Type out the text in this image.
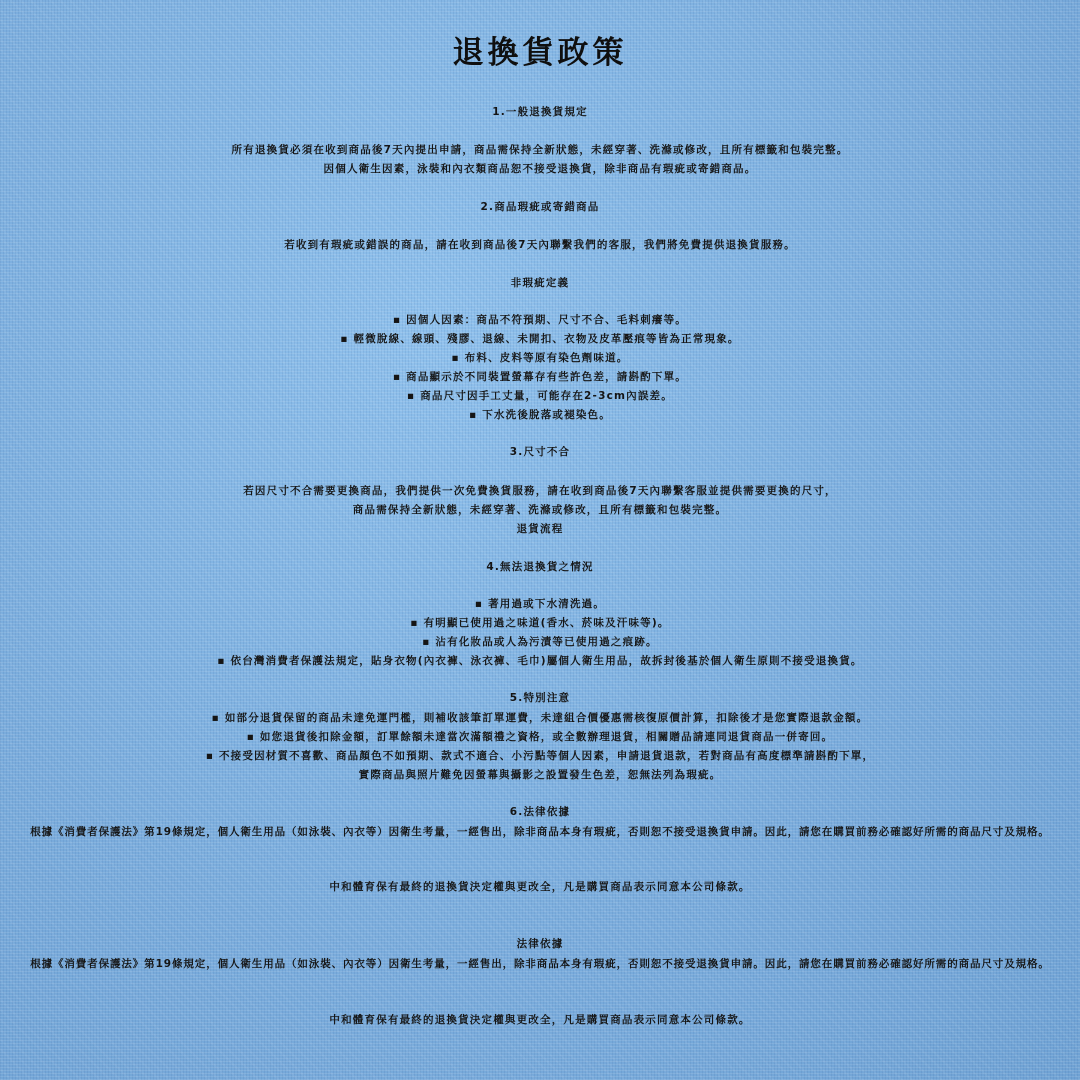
退換貨政策
1.一般退換貨規定
所有退換貨必須在收到商品後7天內提出申請，商品需保持全新狀態，未經穿著、洗滌或修改，且所有標籤和包裝完整。
因個人衛生因素，泳裝和內衣類商品恕不接受退換貨，除非商品有瑕疵或寄錯商品。
2.商品瑕疵或寄錯商品
若收到有瑕疵或錯誤的商品，請在收到商品後7天內聯繫我們的客服，我們將免費提供退換貨服務。
非瑕疵定義
▪ 因個人因素：商品不符預期、尺寸不合、毛料刺癢等。
▪ 輕微脫線、線頭、殘膠、退線、未開扣、衣物及皮革壓痕等皆為正常現象。
▪ 布料、皮料等原有染色劑味道。
▪ 商品顯示於不同裝置螢幕存有些許色差，請斟酌下單。
▪ 商品尺寸因手工丈量，可能存在2-3cm內誤差。
▪ 下水洗後脫落或褪染色。
3.尺寸不合
若因尺寸不合需要更換商品，我們提供一次免費換貨服務，請在收到商品後7天內聯繫客服並提供需要更換的尺寸，
商品需保持全新狀態，未經穿著、洗滌或修改，且所有標籤和包裝完整。
退貨流程
4.無法退換貨之情況
▪ 著用過或下水清洗過。
▪ 有明顯已使用過之味道(香水、菸味及汗味等)。
▪ 沾有化妝品或人為污漬等已使用過之痕跡。
▪ 依台灣消費者保護法規定，貼身衣物(內衣褲、泳衣褲、毛巾)屬個人衛生用品，故拆封後基於個人衛生原則不接受退換貨。
5.特別注意
▪ 如部分退貨保留的商品未達免運門檻，則補收該筆訂單運費，未達組合價優惠需核復原價計算，扣除後才是您實際退款金額。
▪ 如您退貨後扣除金額，訂單餘額未達當次滿額禮之資格，或全數辦理退貨，相關贈品請連同退貨商品一併寄回。
▪ 不接受因材質不喜歡、商品顏色不如預期、款式不適合、小污點等個人因素，申請退貨退款，若對商品有高度標準請斟酌下單，
實際商品與照片難免因螢幕與攝影之設置發生色差，恕無法列為瑕疵。
6.法律依據
根據《消費者保護法》第19條規定，個人衛生用品（如泳裝、內衣等）因衛生考量，一經售出，除非商品本身有瑕疵，否則恕不接受退換貨申請。因此，請您在購買前務必確認好所需的商品尺寸及規格。
中和體育保有最終的退換貨決定權與更改全，凡是購買商品表示同意本公司條款。
法律依據
根據《消費者保護法》第19條規定，個人衛生用品（如泳裝、內衣等）因衛生考量，一經售出，除非商品本身有瑕疵，否則恕不接受退換貨申請。因此，請您在購買前務必確認好所需的商品尺寸及規格。
中和體育保有最終的退換貨決定權與更改全，凡是購買商品表示同意本公司條款。
